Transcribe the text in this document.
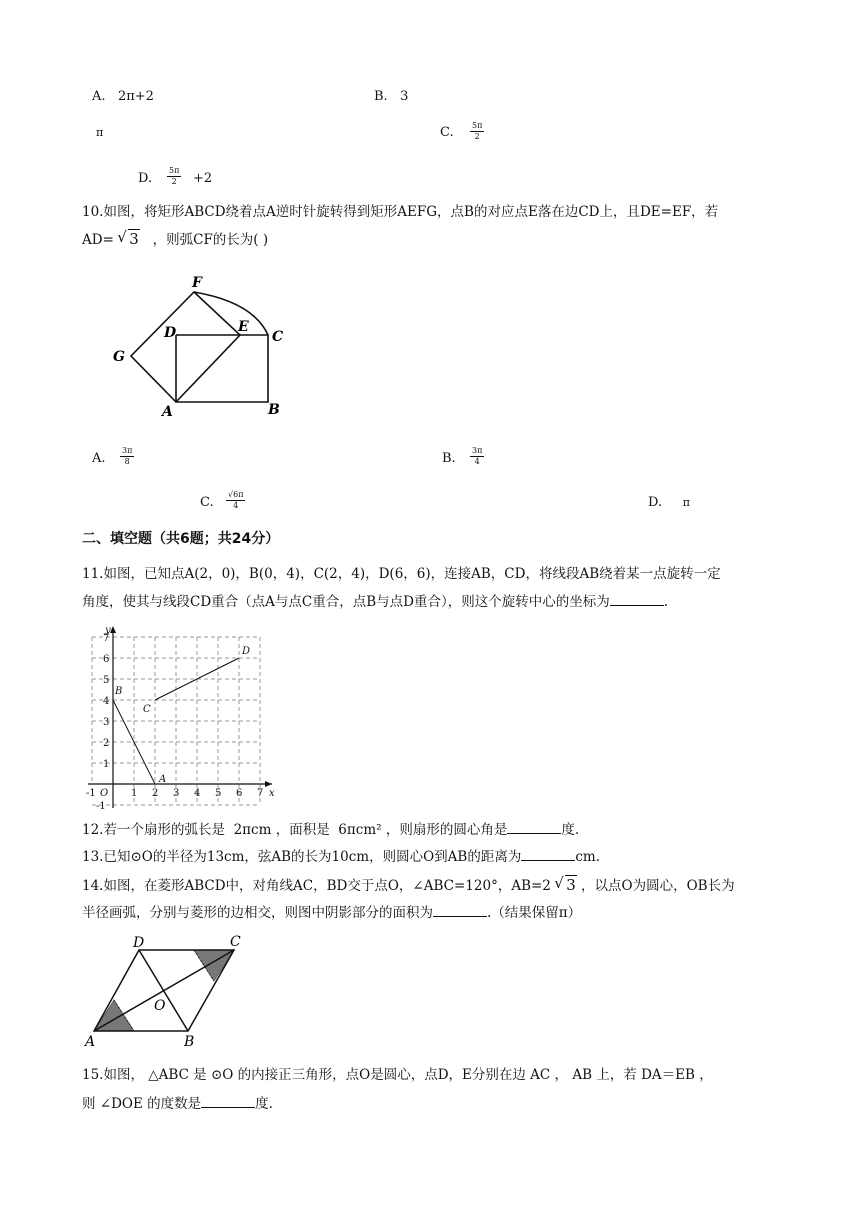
A. 2π+2	B. 3
π	C. $\frac{5\pi}{2}$
D. $\frac{5\pi}{2} +2$
10.如图，将矩形ABCD绕着点A逆时针旋转得到矩形AEFG，点B的对应点E落在边CD上，且DE=EF，若
AD= √ 3 ，则弧CF的长为( )
F
D	E
C
G
A	B
A. $\frac{3\pi}{8}$	B. $\frac{3\pi}{4}$
C. $\frac{√6\pi}{4}$	D. π
二、填空题（共6题；共24分）
11.如图，已知点A(2，0)，B(0，4)，C(2，4)，D(6，6)，连接AB，CD，将线段AB绕着某一点旋转一定
角度，使其与线段CD重合（点A与点C重合，点B与点D重合），则这个旋转中心的坐标为	.
y
x
O
-1	1 2 3 4 5 6 7
1
2
3
4
5
6
7
-1
A
B
C
D
12.若一个扇形的弧长是 2πcm ，面积是 6πcm² ，则扇形的圆心角是	度.
13.已知⊙O的半径为13cm，弦AB的长为10cm，则圆心O到AB的距离为	cm.
14.如图，在菱形ABCD中，对角线AC，BD交于点O，∠ABC=120°，AB=2 √ 3 ，以点O为圆心，OB长为
半径画弧，分别与菱形的边相交，则图中阴影部分的面积为	.（结果保留π）
D	C
O
A	B
15.如图， △ABC 是 ⊙O 的内接正三角形，点O是圆心，点D，E分别在边 AC ， AB 上，若 DA＝EB ，
则 ∠DOE 的度数是	度.
